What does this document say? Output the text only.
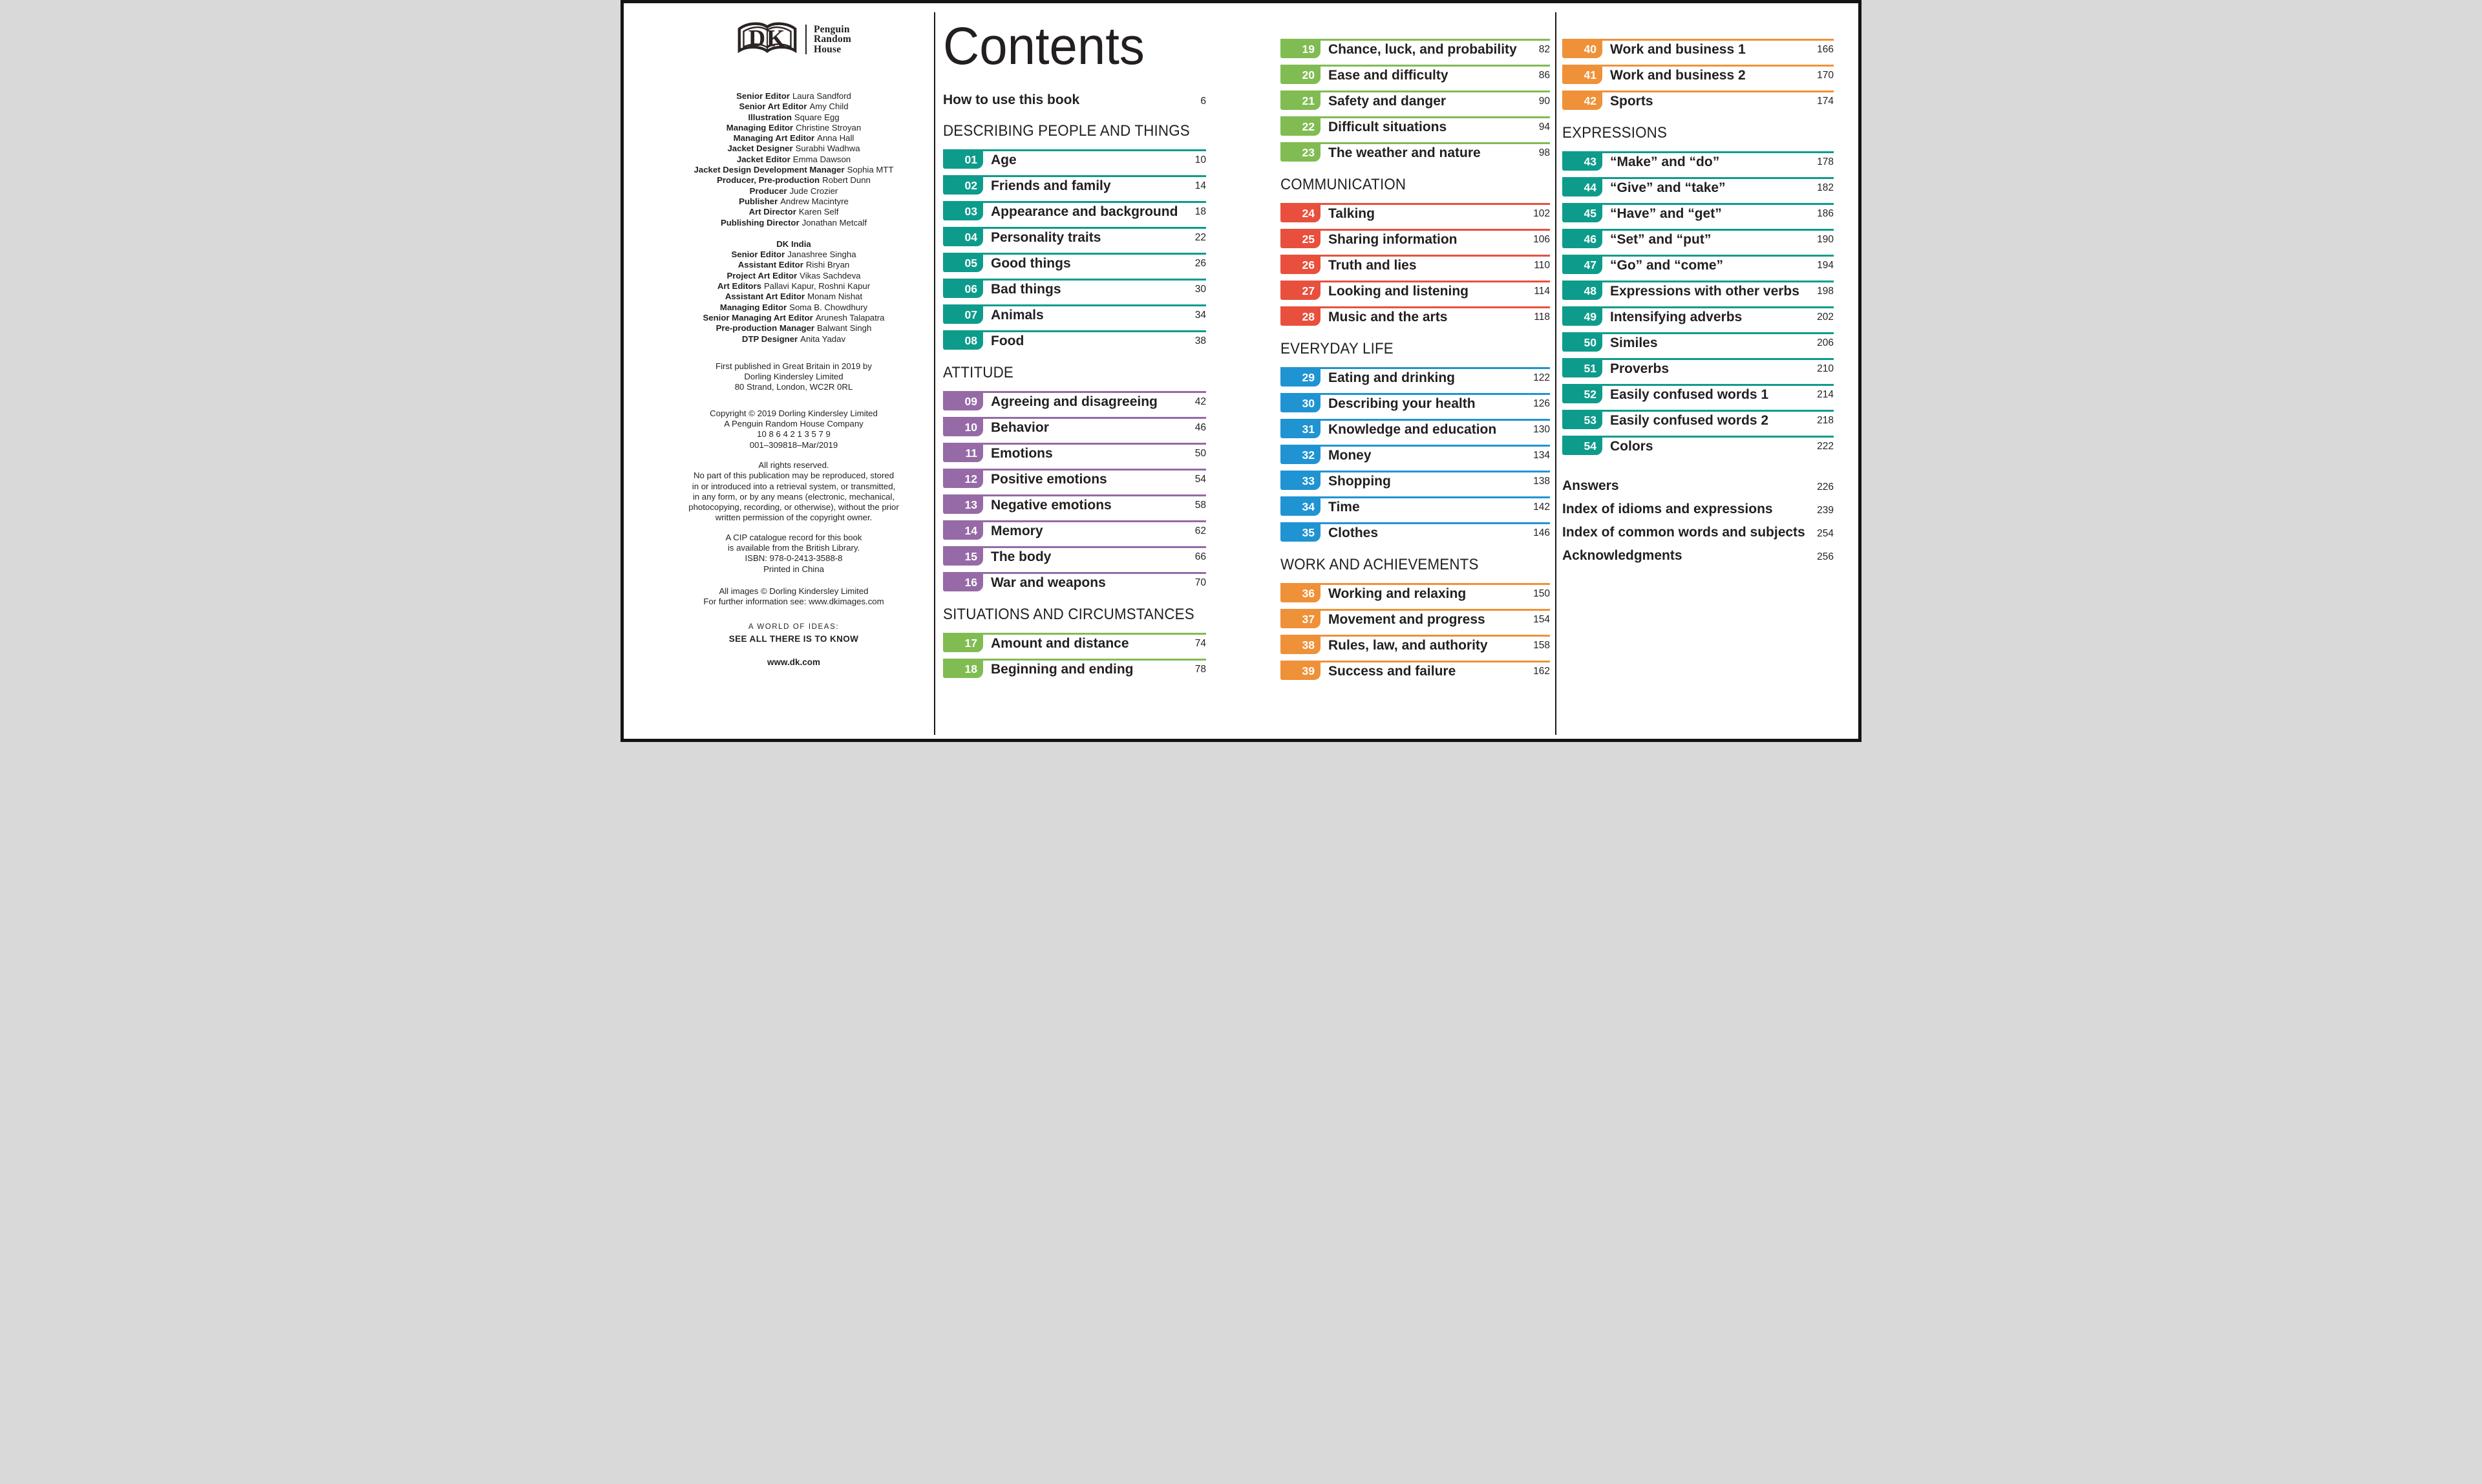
DK	Penguin
Random
House
Senior Editor Laura Sandford
Senior Art Editor Amy Child
Illustration Square Egg
Managing Editor Christine Stroyan
Managing Art Editor Anna Hall
Jacket Designer Surabhi Wadhwa
Jacket Editor Emma Dawson
Jacket Design Development Manager Sophia MTT
Producer, Pre-production Robert Dunn
Producer Jude Crozier
Publisher Andrew Macintyre
Art Director Karen Self
Publishing Director Jonathan Metcalf
DK India
Senior Editor Janashree Singha
Assistant Editor Rishi Bryan
Project Art Editor Vikas Sachdeva
Art Editors Pallavi Kapur, Roshni Kapur
Assistant Art Editor Monam Nishat
Managing Editor Soma B. Chowdhury
Senior Managing Art Editor Arunesh Talapatra
Pre-production Manager Balwant Singh
DTP Designer Anita Yadav
First published in Great Britain in 2019 by
Dorling Kindersley Limited
80 Strand, London, WC2R 0RL
Copyright © 2019 Dorling Kindersley Limited
A Penguin Random House Company
10 8 6 4 2 1 3 5 7 9
001–309818–Mar/2019
All rights reserved.
No part of this publication may be reproduced, stored
in or introduced into a retrieval system, or transmitted,
in any form, or by any means (electronic, mechanical,
photocopying, recording, or otherwise), without the prior
written permission of the copyright owner.
A CIP catalogue record for this book
is available from the British Library.
ISBN: 978-0-2413-3588-8
Printed in China
All images © Dorling Kindersley Limited
For further information see: www.dkimages.com
A WORLD OF IDEAS:
SEE ALL THERE IS TO KNOW
www.dk.com
Contents
How to use this book	6
DESCRIBING PEOPLE AND THINGS
01	Age	10
02	Friends and family	14
03	Appearance and background	18
04	Personality traits	22
05	Good things	26
06	Bad things	30
07	Animals	34
08	Food	38
ATTITUDE
09	Agreeing and disagreeing	42
10	Behavior	46
11	Emotions	50
12	Positive emotions	54
13	Negative emotions	58
14	Memory	62
15	The body	66
16	War and weapons	70
SITUATIONS AND CIRCUMSTANCES
17	Amount and distance	74
18	Beginning and ending	78
19	Chance, luck, and probability	82
20	Ease and difficulty	86
21	Safety and danger	90
22	Difficult situations	94
23	The weather and nature	98
COMMUNICATION
24	Talking	102
25	Sharing information	106
26	Truth and lies	110
27	Looking and listening	114
28	Music and the arts	118
EVERYDAY LIFE
29	Eating and drinking	122
30	Describing your health	126
31	Knowledge and education	130
32	Money	134
33	Shopping	138
34	Time	142
35	Clothes	146
WORK AND ACHIEVEMENTS
36	Working and relaxing	150
37	Movement and progress	154
38	Rules, law, and authority	158
39	Success and failure	162
40	Work and business 1	166
41	Work and business 2	170
42	Sports	174
EXPRESSIONS
43	“Make” and “do”	178
44	“Give” and “take”	182
45	“Have” and “get”	186
46	“Set” and “put”	190
47	“Go” and “come”	194
48	Expressions with other verbs	198
49	Intensifying adverbs	202
50	Similes	206
51	Proverbs	210
52	Easily confused words 1	214
53	Easily confused words 2	218
54	Colors	222
Answers	226
Index of idioms and expressions	239
Index of common words and subjects 254
Acknowledgments	256
